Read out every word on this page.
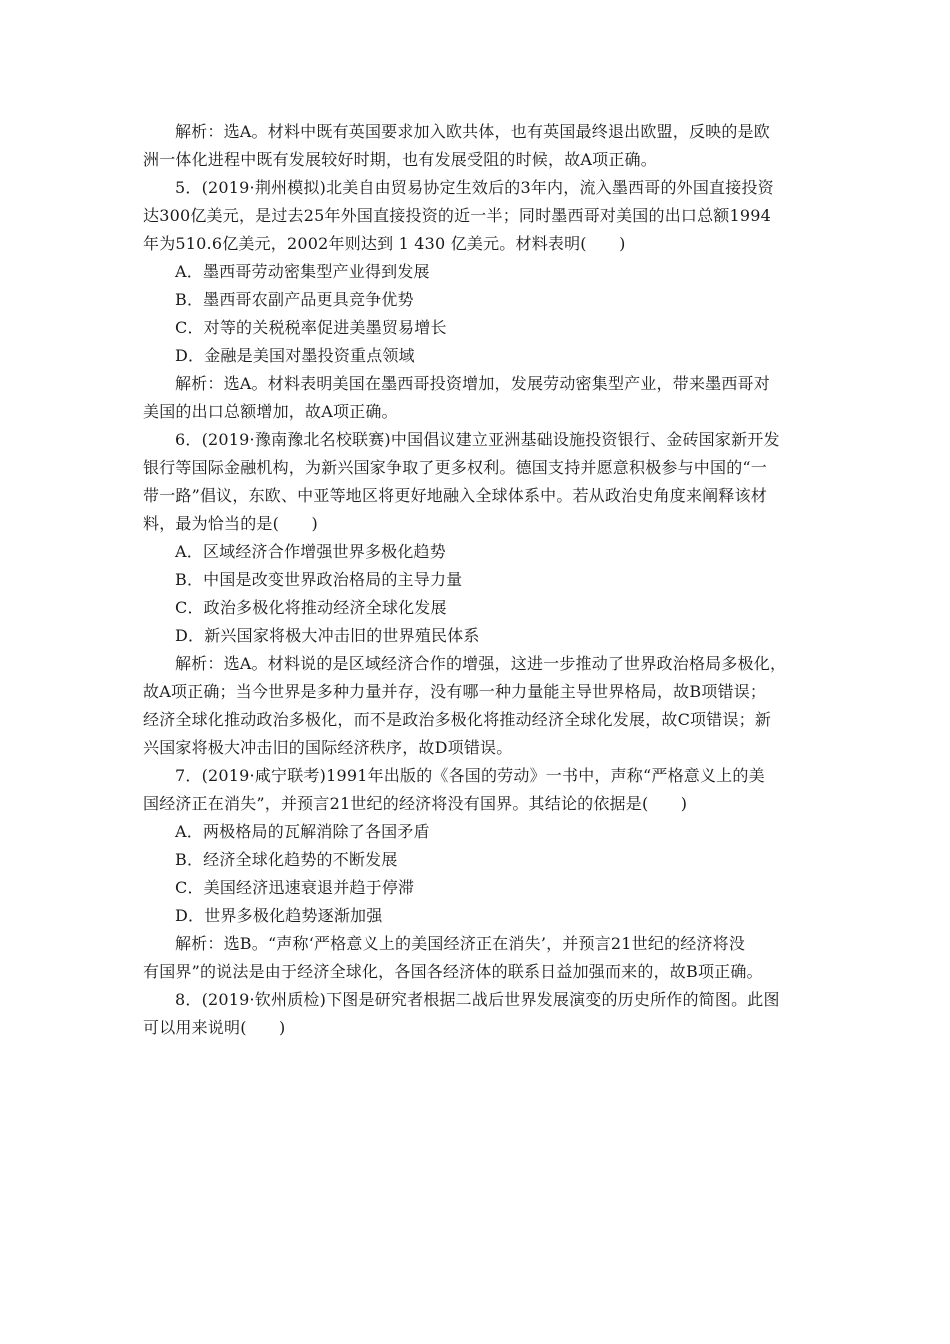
解析：选A。材料中既有英国要求加入欧共体，也有英国最终退出欧盟，反映的是欧
洲一体化进程中既有发展较好时期，也有发展受阻的时候，故A项正确。
5．(2019·荆州模拟)北美自由贸易协定生效后的3年内，流入墨西哥的外国直接投资
达300亿美元，是过去25年外国直接投资的近一半；同时墨西哥对美国的出口总额1994
年为510.6亿美元，2002年则达到 1 430 亿美元。材料表明(　　)
A．墨西哥劳动密集型产业得到发展
B．墨西哥农副产品更具竞争优势
C．对等的关税税率促进美墨贸易增长
D．金融是美国对墨投资重点领域
解析：选A。材料表明美国在墨西哥投资增加，发展劳动密集型产业，带来墨西哥对
美国的出口总额增加，故A项正确。
6．(2019·豫南豫北名校联赛)中国倡议建立亚洲基础设施投资银行、金砖国家新开发
银行等国际金融机构，为新兴国家争取了更多权利。德国支持并愿意积极参与中国的“一
带一路”倡议，东欧、中亚等地区将更好地融入全球体系中。若从政治史角度来阐释该材
料，最为恰当的是(　　)
A．区域经济合作增强世界多极化趋势
B．中国是改变世界政治格局的主导力量
C．政治多极化将推动经济全球化发展
D．新兴国家将极大冲击旧的世界殖民体系
解析：选A。材料说的是区域经济合作的增强，这进一步推动了世界政治格局多极化，
故A项正确；当今世界是多种力量并存，没有哪一种力量能主导世界格局，故B项错误；
经济全球化推动政治多极化，而不是政治多极化将推动经济全球化发展，故C项错误；新
兴国家将极大冲击旧的国际经济秩序，故D项错误。
7．(2019·咸宁联考)1991年出版的《各国的劳动》一书中，声称“严格意义上的美
国经济正在消失”，并预言21世纪的经济将没有国界。其结论的依据是(　　)
A．两极格局的瓦解消除了各国矛盾
B．经济全球化趋势的不断发展
C．美国经济迅速衰退并趋于停滞
D．世界多极化趋势逐渐加强
解析：选B。“声称‘严格意义上的美国经济正在消失’，并预言21世纪的经济将没
有国界”的说法是由于经济全球化，各国各经济体的联系日益加强而来的，故B项正确。
8．(2019·钦州质检)下图是研究者根据二战后世界发展演变的历史所作的简图。此图
可以用来说明(　　)
